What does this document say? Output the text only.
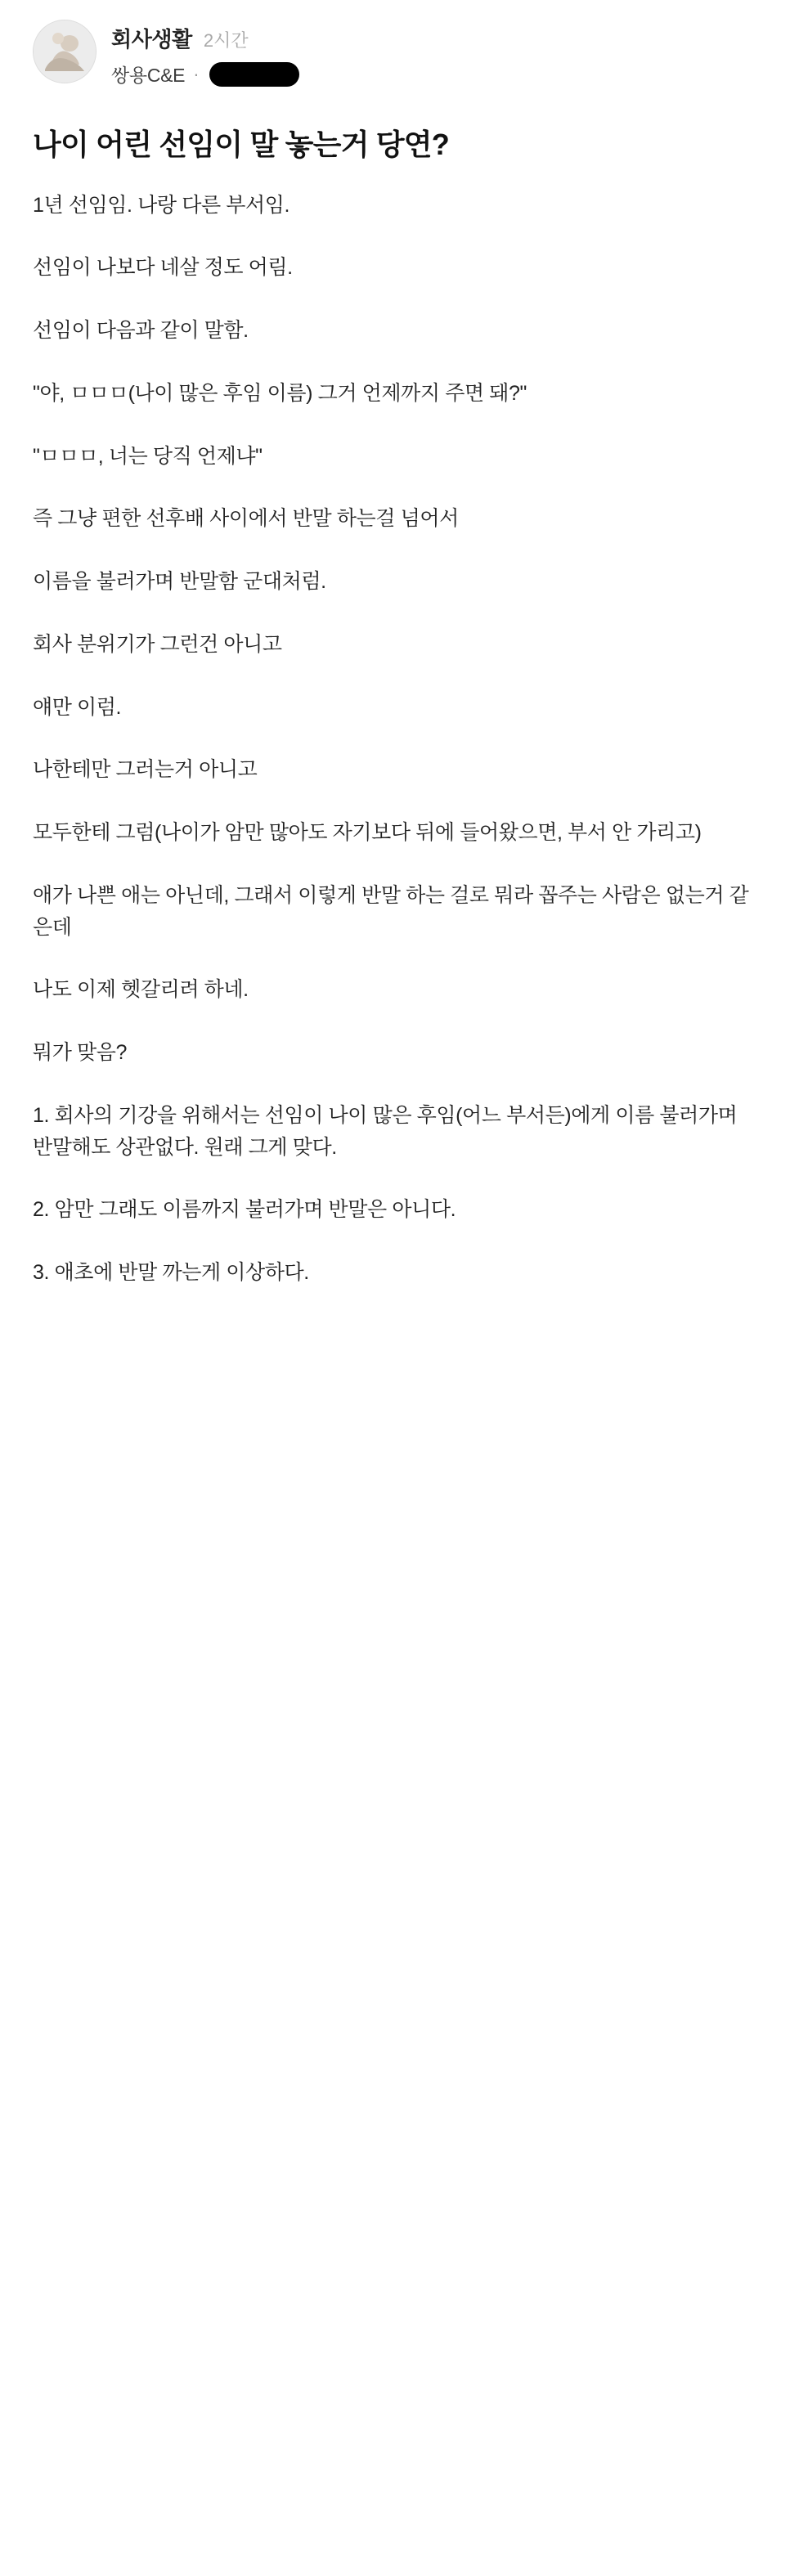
회사생활 2시간
쌍용C&E ·
나이 어린 선임이 말 놓는거 당연?

1년 선임임. 나랑 다른 부서임.

선임이 나보다 네살 정도 어림.

선임이 다음과 같이 말함.

"야, ㅁㅁㅁ(나이 많은 후임 이름) 그거 언제까지 주면 돼?"

"ㅁㅁㅁ, 너는 당직 언제냐"

즉 그냥 편한 선후배 사이에서 반말 하는걸 넘어서

이름을 불러가며 반말함 군대처럼.

회사 분위기가 그런건 아니고

얘만 이럼.

나한테만 그러는거 아니고

모두한테 그럼(나이가 암만 많아도 자기보다 뒤에 들어왔으면, 부서 안 가리고)

애가 나쁜 애는 아닌데, 그래서 이렇게 반말 하는 걸로 뭐라 꼽주는 사람은 없는거 같은데

나도 이제 헷갈리려 하네.

뭐가 맞음?

1. 회사의 기강을 위해서는 선임이 나이 많은 후임(어느 부서든)에게 이름 불러가며 반말해도 상관없다. 원래 그게 맞다.

2. 암만 그래도 이름까지 불러가며 반말은 아니다.

3. 애초에 반말 까는게 이상하다.
